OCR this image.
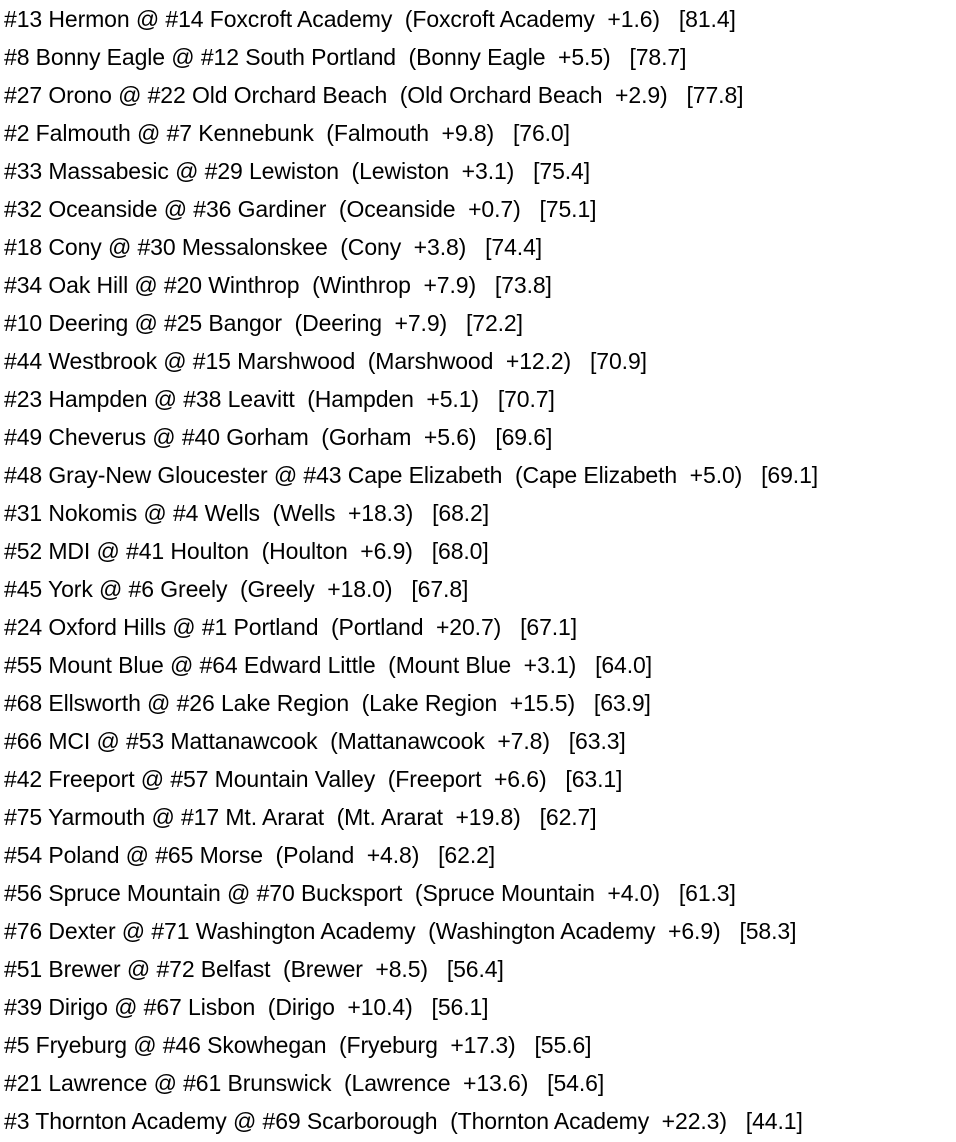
#13 Hermon @ #14 Foxcroft Academy  (Foxcroft Academy  +1.6)   [81.4]
#8 Bonny Eagle @ #12 South Portland  (Bonny Eagle  +5.5)   [78.7]
#27 Orono @ #22 Old Orchard Beach  (Old Orchard Beach  +2.9)   [77.8]
#2 Falmouth @ #7 Kennebunk  (Falmouth  +9.8)   [76.0]
#33 Massabesic @ #29 Lewiston  (Lewiston  +3.1)   [75.4]
#32 Oceanside @ #36 Gardiner  (Oceanside  +0.7)   [75.1]
#18 Cony @ #30 Messalonskee  (Cony  +3.8)   [74.4]
#34 Oak Hill @ #20 Winthrop  (Winthrop  +7.9)   [73.8]
#10 Deering @ #25 Bangor  (Deering  +7.9)   [72.2]
#44 Westbrook @ #15 Marshwood  (Marshwood  +12.2)   [70.9]
#23 Hampden @ #38 Leavitt  (Hampden  +5.1)   [70.7]
#49 Cheverus @ #40 Gorham  (Gorham  +5.6)   [69.6]
#48 Gray-New Gloucester @ #43 Cape Elizabeth  (Cape Elizabeth  +5.0)   [69.1]
#31 Nokomis @ #4 Wells  (Wells  +18.3)   [68.2]
#52 MDI @ #41 Houlton  (Houlton  +6.9)   [68.0]
#45 York @ #6 Greely  (Greely  +18.0)   [67.8]
#24 Oxford Hills @ #1 Portland  (Portland  +20.7)   [67.1]
#55 Mount Blue @ #64 Edward Little  (Mount Blue  +3.1)   [64.0]
#68 Ellsworth @ #26 Lake Region  (Lake Region  +15.5)   [63.9]
#66 MCI @ #53 Mattanawcook  (Mattanawcook  +7.8)   [63.3]
#42 Freeport @ #57 Mountain Valley  (Freeport  +6.6)   [63.1]
#75 Yarmouth @ #17 Mt. Ararat  (Mt. Ararat  +19.8)   [62.7]
#54 Poland @ #65 Morse  (Poland  +4.8)   [62.2]
#56 Spruce Mountain @ #70 Bucksport  (Spruce Mountain  +4.0)   [61.3]
#76 Dexter @ #71 Washington Academy  (Washington Academy  +6.9)   [58.3]
#51 Brewer @ #72 Belfast  (Brewer  +8.5)   [56.4]
#39 Dirigo @ #67 Lisbon  (Dirigo  +10.4)   [56.1]
#5 Fryeburg @ #46 Skowhegan  (Fryeburg  +17.3)   [55.6]
#21 Lawrence @ #61 Brunswick  (Lawrence  +13.6)   [54.6]
#3 Thornton Academy @ #69 Scarborough  (Thornton Academy  +22.3)   [44.1]
